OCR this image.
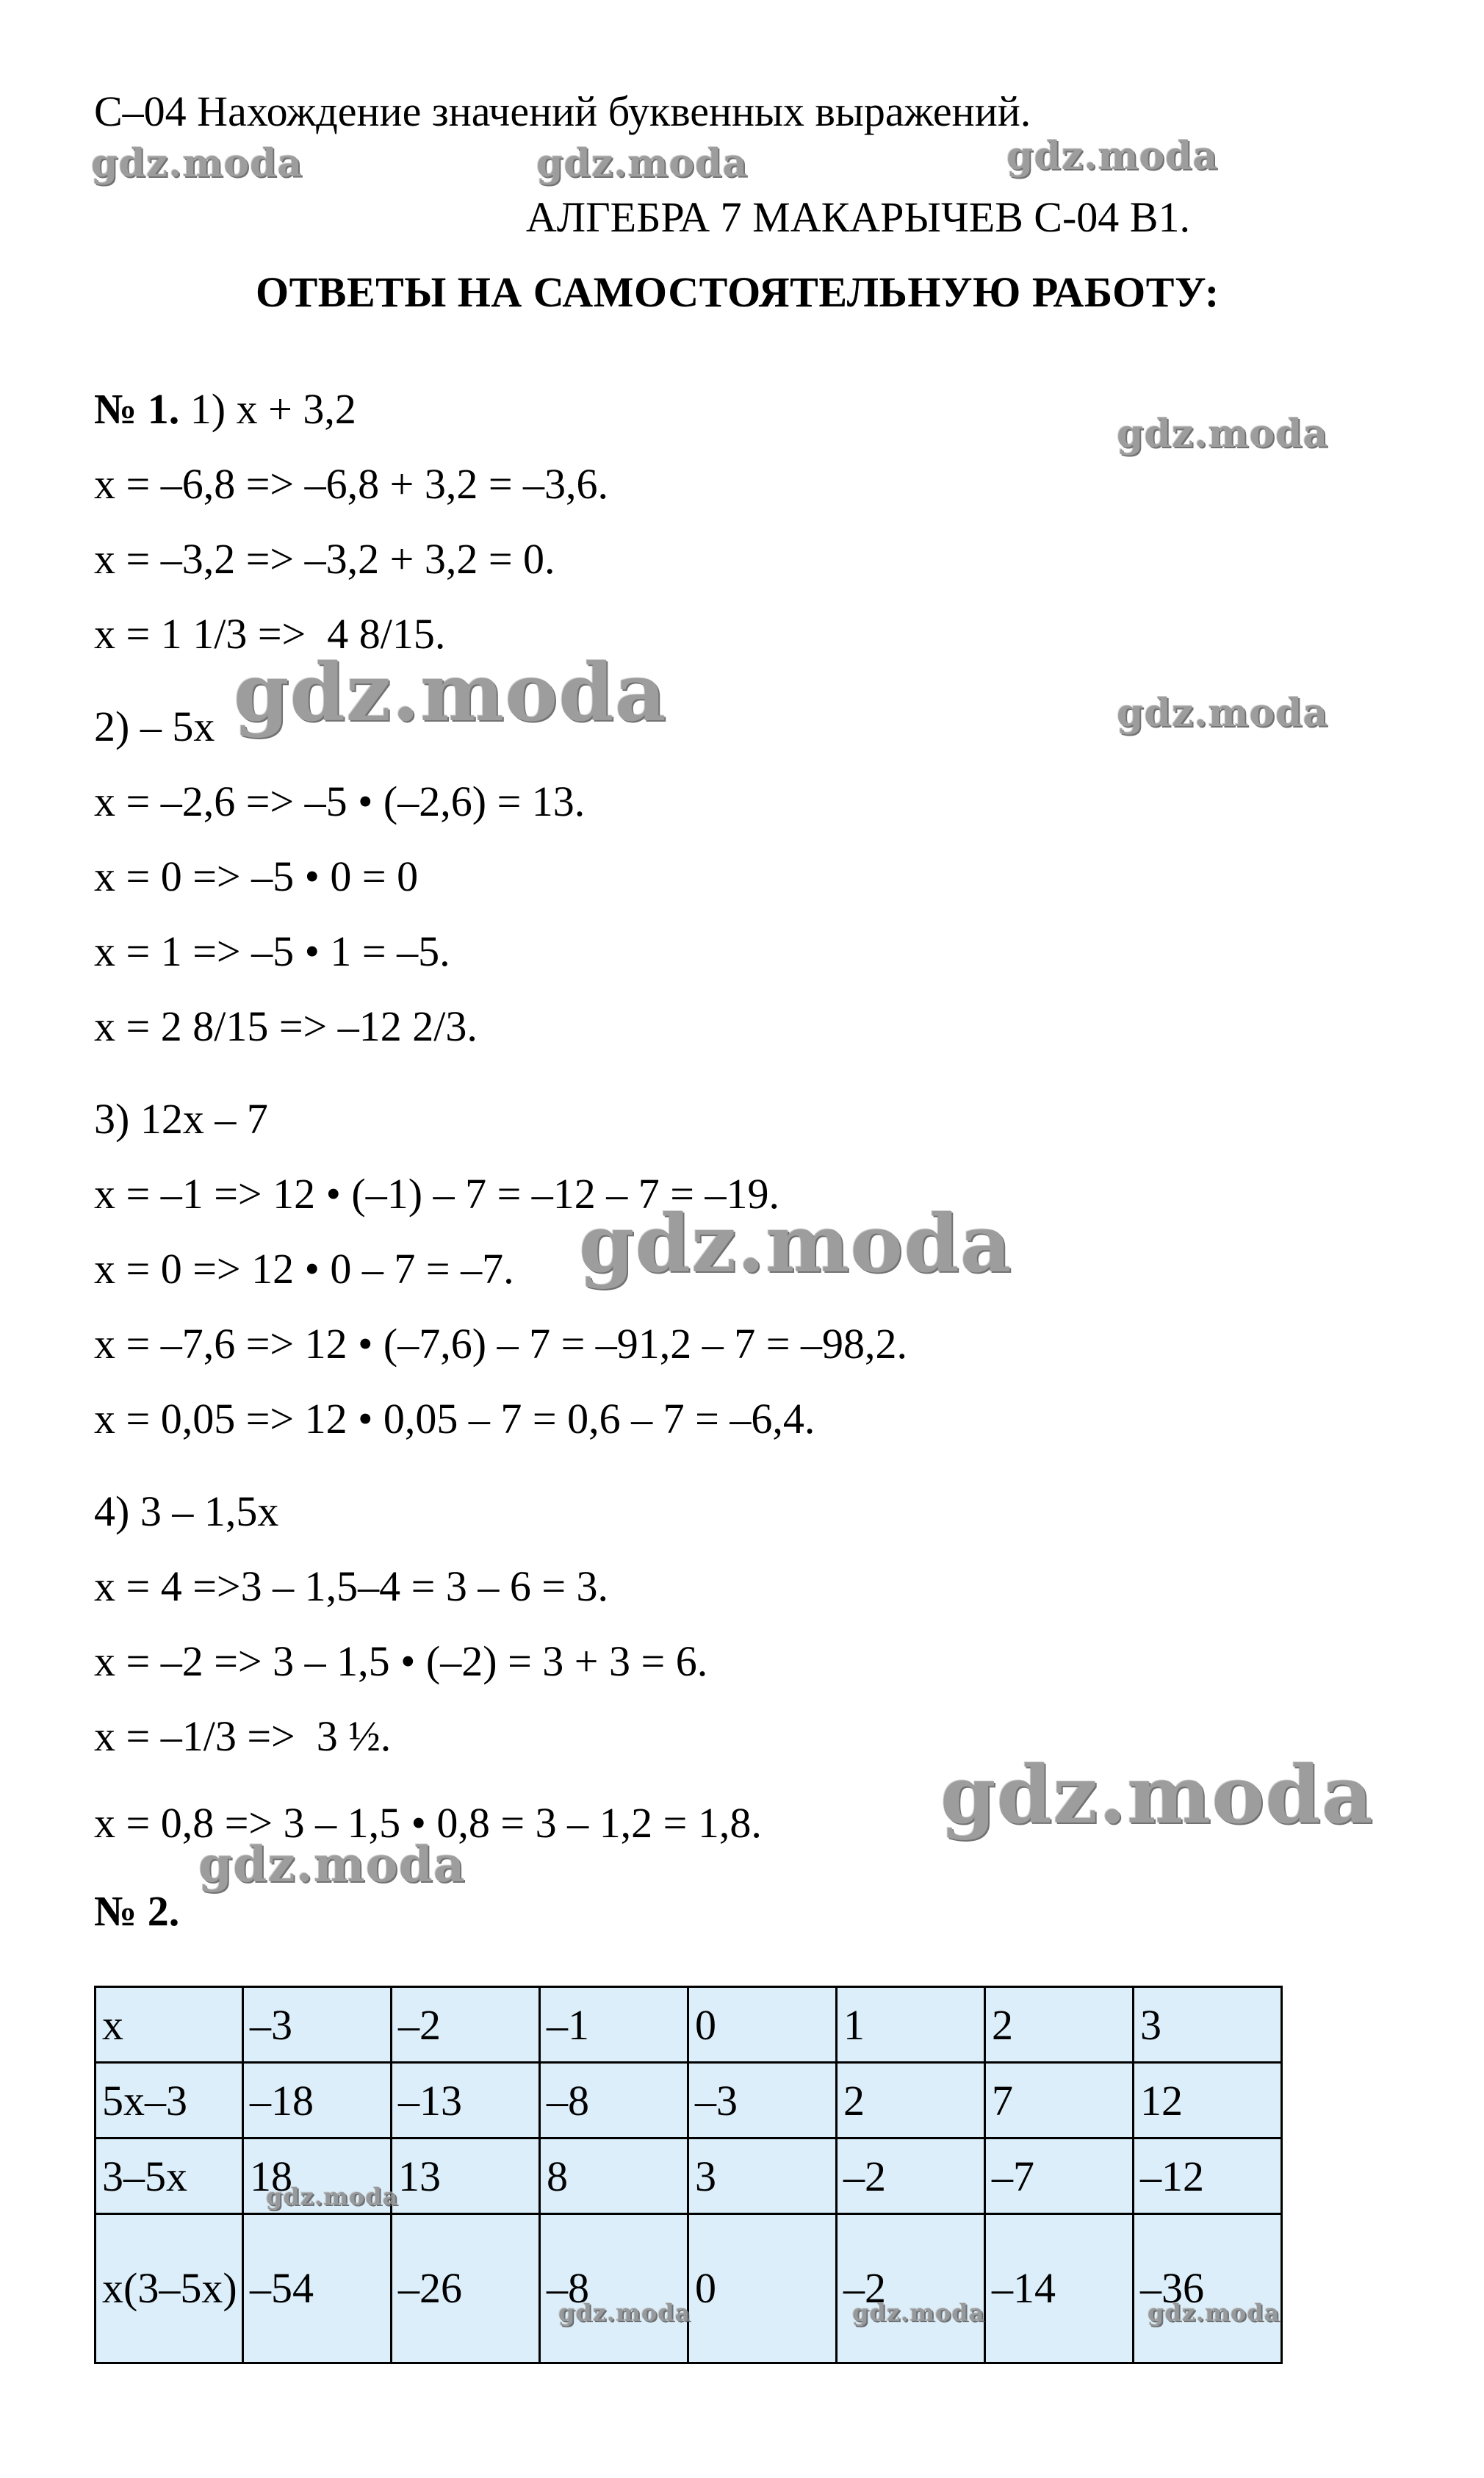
С–04 Нахождение значений буквенных выражений.
АЛГЕБРА 7 МАКАРЫЧЕВ С-04 В1.
ОТВЕТЫ НА САМОСТОЯТЕЛЬНУЮ РАБОТУ:
№ 1. 1) x + 3,2
x = –6,8 => –6,8 + 3,2 = –3,6.
x = –3,2 => –3,2 + 3,2 = 0.
x = 1 1/3 =>  4 8/15.
2) – 5x
x = –2,6 => –5 • (–2,6) = 13.
x = 0 => –5 • 0 = 0
x = 1 => –5 • 1 = –5.
x = 2 8/15 => –12 2/3.
3) 12x – 7
x = –1 => 12 • (–1) – 7 = –12 – 7 = –19.
x = 0 => 12 • 0 – 7 = –7.
x = –7,6 => 12 • (–7,6) – 7 = –91,2 – 7 = –98,2.
x = 0,05 => 12 • 0,05 – 7 = 0,6 – 7 = –6,4.
4) 3 – 1,5x
x = 4 =>3 – 1,5–4 = 3 – 6 = 3.
x = –2 => 3 – 1,5 • (–2) = 3 + 3 = 6.
x = –1/3 =>  3 ½.
x = 0,8 => 3 – 1,5 • 0,8 = 3 – 1,2 = 1,8.
№ 2.
x	–3	–2	–1	0	1	2	3
5x–3	–18	–13	–8	–3	2	7	12
3–5x	18	13	8	3	–2	–7	–12
x(3–5x)	–54	–26	–8	0	–2	–14	–36
gdz.moda	gdz.moda	gdz.moda
gdz.moda
gdz.moda	gdz.moda
gdz.moda
gdz.moda
gdz.moda
gdz.moda
gdz.moda	gdz.moda	gdz.moda
